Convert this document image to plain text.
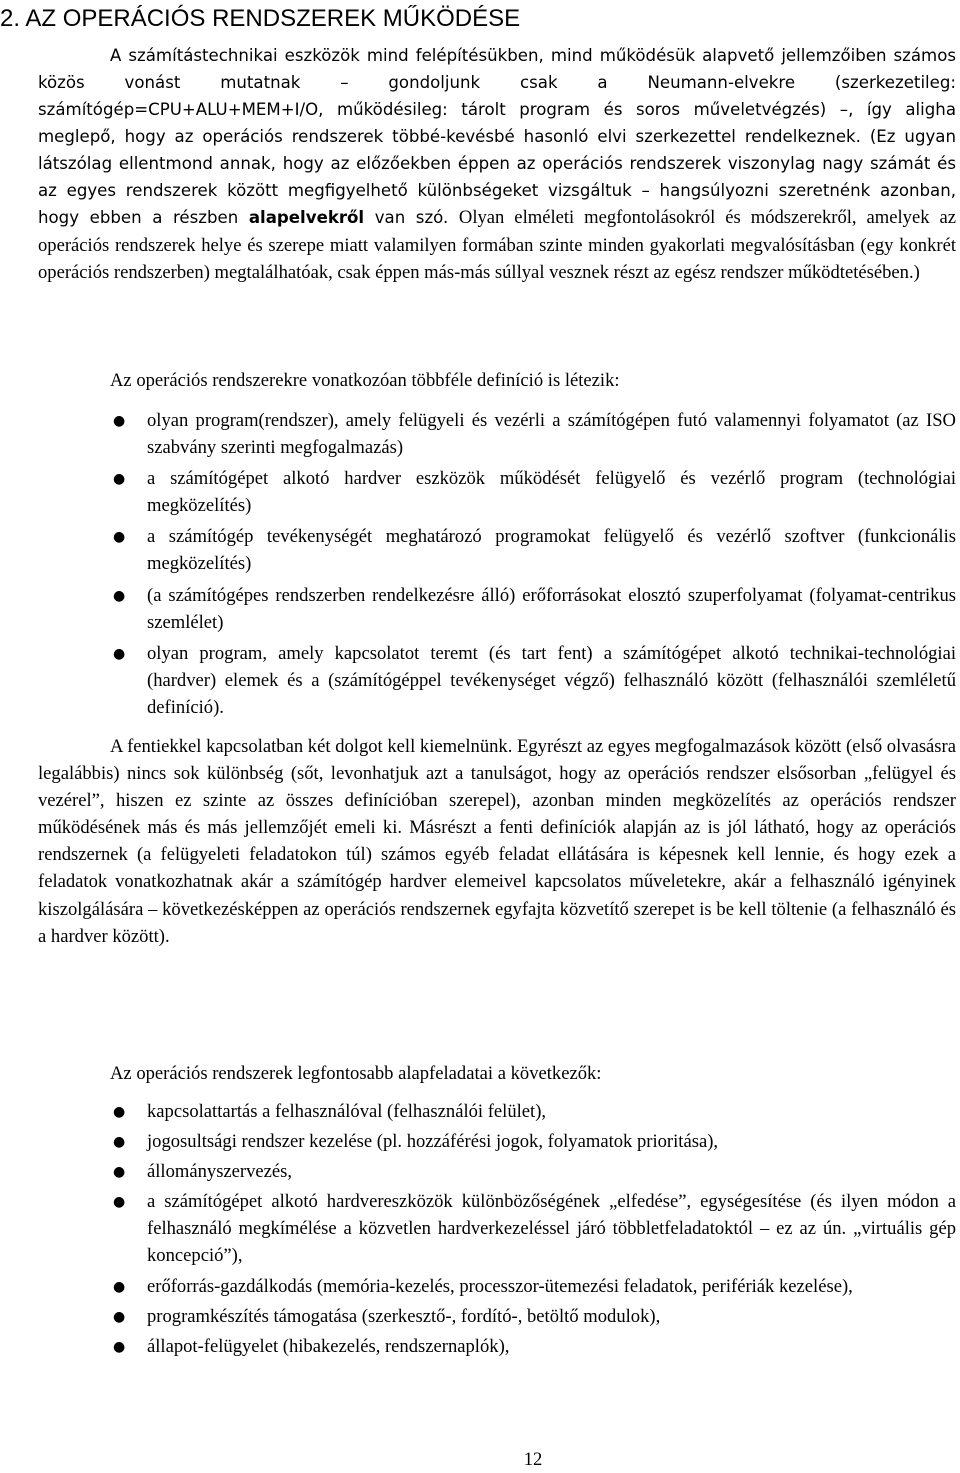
2. AZ OPERÁCIÓS RENDSZEREK MŰKÖDÉSE

A számítástechnikai eszközök mind felépítésükben, mind működésük alapvető jellemzőiben számos közös vonást mutatnak – gondoljunk csak a Neumann-elvekre (szerkezetileg: számítógép=CPU+ALU+MEM+I/O, működésileg: tárolt program és soros műveletvégzés) –, így aligha meglepő, hogy az operációs rendszerek többé-kevésbé hasonló elvi szerkezettel rendelkeznek. (Ez ugyan látszólag ellentmond annak, hogy az előzőekben éppen az operációs rendszerek viszonylag nagy számát és az egyes rendszerek között megfigyelhető különbségeket vizsgáltuk – hangsúlyozni szeretnénk azonban, hogy ebben a részben alapelvekről van szó. Olyan elméleti megfontolásokról és módszerekről, amelyek az operációs rendszerek helye és szerepe miatt valamilyen formában szinte minden gyakorlati megvalósításban (egy konkrét operációs rendszerben) megtalálhatóak, csak éppen más-más súllyal vesznek részt az egész rendszer működtetésében.)

Az operációs rendszerekre vonatkozóan többféle definíció is létezik:

● olyan program(rendszer), amely felügyeli és vezérli a számítógépen futó valamennyi folyamatot (az ISO szabvány szerinti megfogalmazás)
● a számítógépet alkotó hardver eszközök működését felügyelő és vezérlő program (technológiai megközelítés)
● a számítógép tevékenységét meghatározó programokat felügyelő és vezérlő szoftver (funkcionális megközelítés)
● (a számítógépes rendszerben rendelkezésre álló) erőforrásokat elosztó szuperfolyamat (folyamat-centrikus szemlélet)
● olyan program, amely kapcsolatot teremt (és tart fent) a számítógépet alkotó technikai-technológiai (hardver) elemek és a (számítógéppel tevékenységet végző) felhasználó között (felhasználói szemléletű definíció).

A fentiekkel kapcsolatban két dolgot kell kiemelnünk. Egyrészt az egyes megfogalmazások között (első olvasásra legalábbis) nincs sok különbség (sőt, levonhatjuk azt a tanulságot, hogy az operációs rendszer elsősorban „felügyel és vezérel”, hiszen ez szinte az összes definícióban szerepel), azonban minden megközelítés az operációs rendszer működésének más és más jellemzőjét emeli ki. Másrészt a fenti definíciók alapján az is jól látható, hogy az operációs rendszernek (a felügyeleti feladatokon túl) számos egyéb feladat ellátására is képesnek kell lennie, és hogy ezek a feladatok vonatkozhatnak akár a számítógép hardver elemeivel kapcsolatos műveletekre, akár a felhasználó igényinek kiszolgálására – következésképpen az operációs rendszernek egyfajta közvetítő szerepet is be kell töltenie (a felhasználó és a hardver között).

Az operációs rendszerek legfontosabb alapfeladatai a következők:

● kapcsolattartás a felhasználóval (felhasználói felület),
● jogosultsági rendszer kezelése (pl. hozzáférési jogok, folyamatok prioritása),
● állományszervezés,
● a számítógépet alkotó hardvereszközök különbözőségének „elfedése”, egységesítése (és ilyen módon a felhasználó megkímélése a közvetlen hardverkezeléssel járó többletfeladatoktól – ez az ún. „virtuális gép koncepció”),
● erőforrás-gazdálkodás (memória-kezelés, processzor-ütemezési feladatok, perifériák kezelése),
● programkészítés támogatása (szerkesztő-, fordító-, betöltő modulok),
● állapot-felügyelet (hibakezelés, rendszernaplók),
12
